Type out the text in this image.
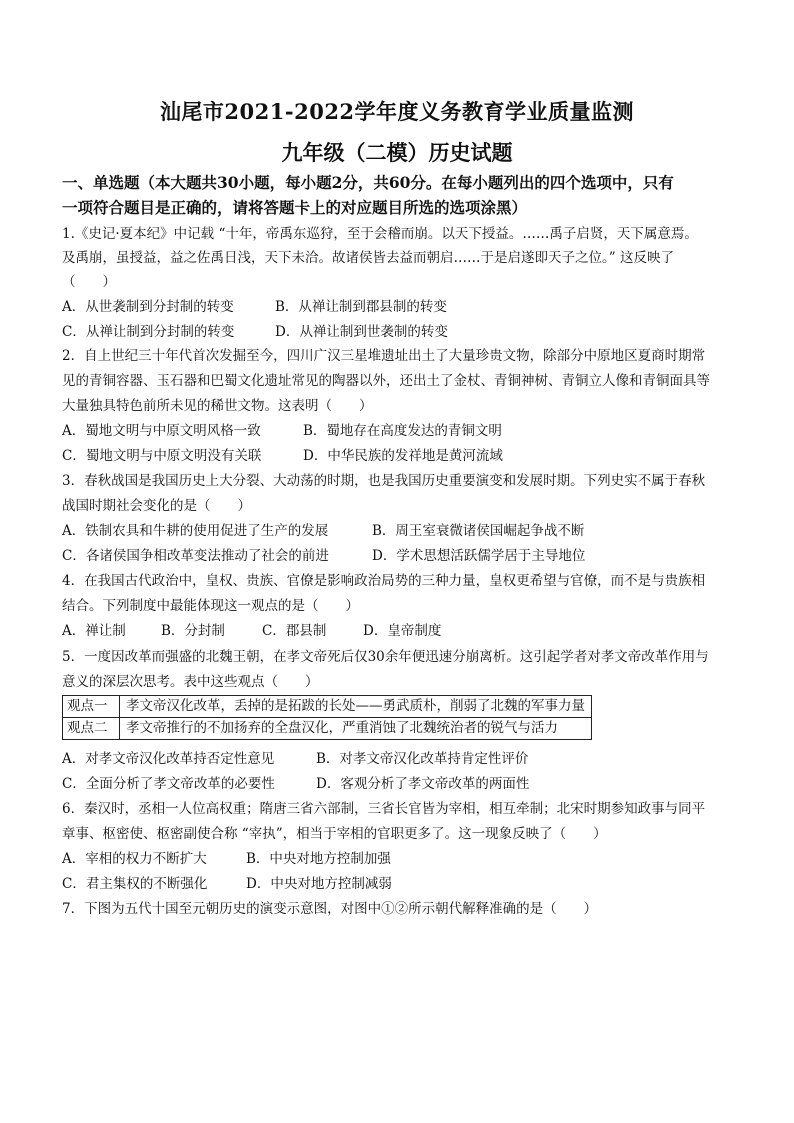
汕尾市2021-2022学年度义务教育学业质量监测
九年级（二模）历史试题
一、单选题（本大题共30小题，每小题2分，共60分。在每小题列出的四个选项中，只有
一项符合题目是正确的，请将答题卡上的对应题目所选的选项涂黑）
1.《史记·夏本纪》中记载 “十年，帝禹东巡狩，至于会稽而崩。以天下授益。……禹子启贤，天下属意焉。
及禹崩，虽授益，益之佐禹日浅，天下未洽。故诸侯皆去益而朝启……于是启遂即天子之位。” 这反映了
（　　）
A．从世袭制到分封制的转变	B．从禅让制到郡县制的转变
C．从禅让制到分封制的转变	D．从禅让制到世袭制的转变
2．自上世纪三十年代首次发掘至今，四川广汉三星堆遗址出土了大量珍贵文物，除部分中原地区夏商时期常
见的青铜容器、玉石器和巴蜀文化遗址常见的陶器以外，还出土了金杖、青铜神树、青铜立人像和青铜面具等
大量独具特色前所未见的稀世文物。这表明（　　）
A．蜀地文明与中原文明风格一致	B．蜀地存在高度发达的青铜文明
C．蜀地文明与中原文明没有关联	D．中华民族的发祥地是黄河流域
3．春秋战国是我国历史上大分裂、大动荡的时期，也是我国历史重要演变和发展时期。下列史实不属于春秋
战国时期社会变化的是（　　）
A．铁制农具和牛耕的使用促进了生产的发展	B．周王室衰微诸侯国崛起争战不断
C．各诸侯国争相改革变法推动了社会的前进	D．学术思想活跃儒学居于主导地位
4．在我国古代政治中，皇权、贵族、官僚是影响政治局势的三种力量，皇权更希望与官僚，而不是与贵族相
结合。下列制度中最能体现这一观点的是（　　）
A．禅让制	B．分封制	C．郡县制	D．皇帝制度
5．一度因改革而强盛的北魏王朝，在孝文帝死后仅30余年便迅速分崩离析。这引起学者对孝文帝改革作用与
意义的深层次思考。表中这些观点（　　）
观点一	孝文帝汉化改革，丢掉的是拓跋的长处——勇武质朴，削弱了北魏的军事力量
观点二	孝文帝推行的不加扬弃的全盘汉化，严重消蚀了北魏统治者的锐气与活力
A．对孝文帝汉化改革持否定性意见	B．对孝文帝汉化改革持肯定性评价
C．全面分析了孝文帝改革的必要性	D．客观分析了孝文帝改革的两面性
6．秦汉时，丞相一人位高权重；隋唐三省六部制，三省长官皆为宰相，相互牵制；北宋时期参知政事与同平
章事、枢密使、枢密副使合称 “宰执”，相当于宰相的官职更多了。这一现象反映了（　　）
A．宰相的权力不断扩大	B．中央对地方控制加强
C．君主集权的不断强化	D．中央对地方控制减弱
7．下图为五代十国至元朝历史的演变示意图，对图中①②所示朝代解释准确的是（　　）
